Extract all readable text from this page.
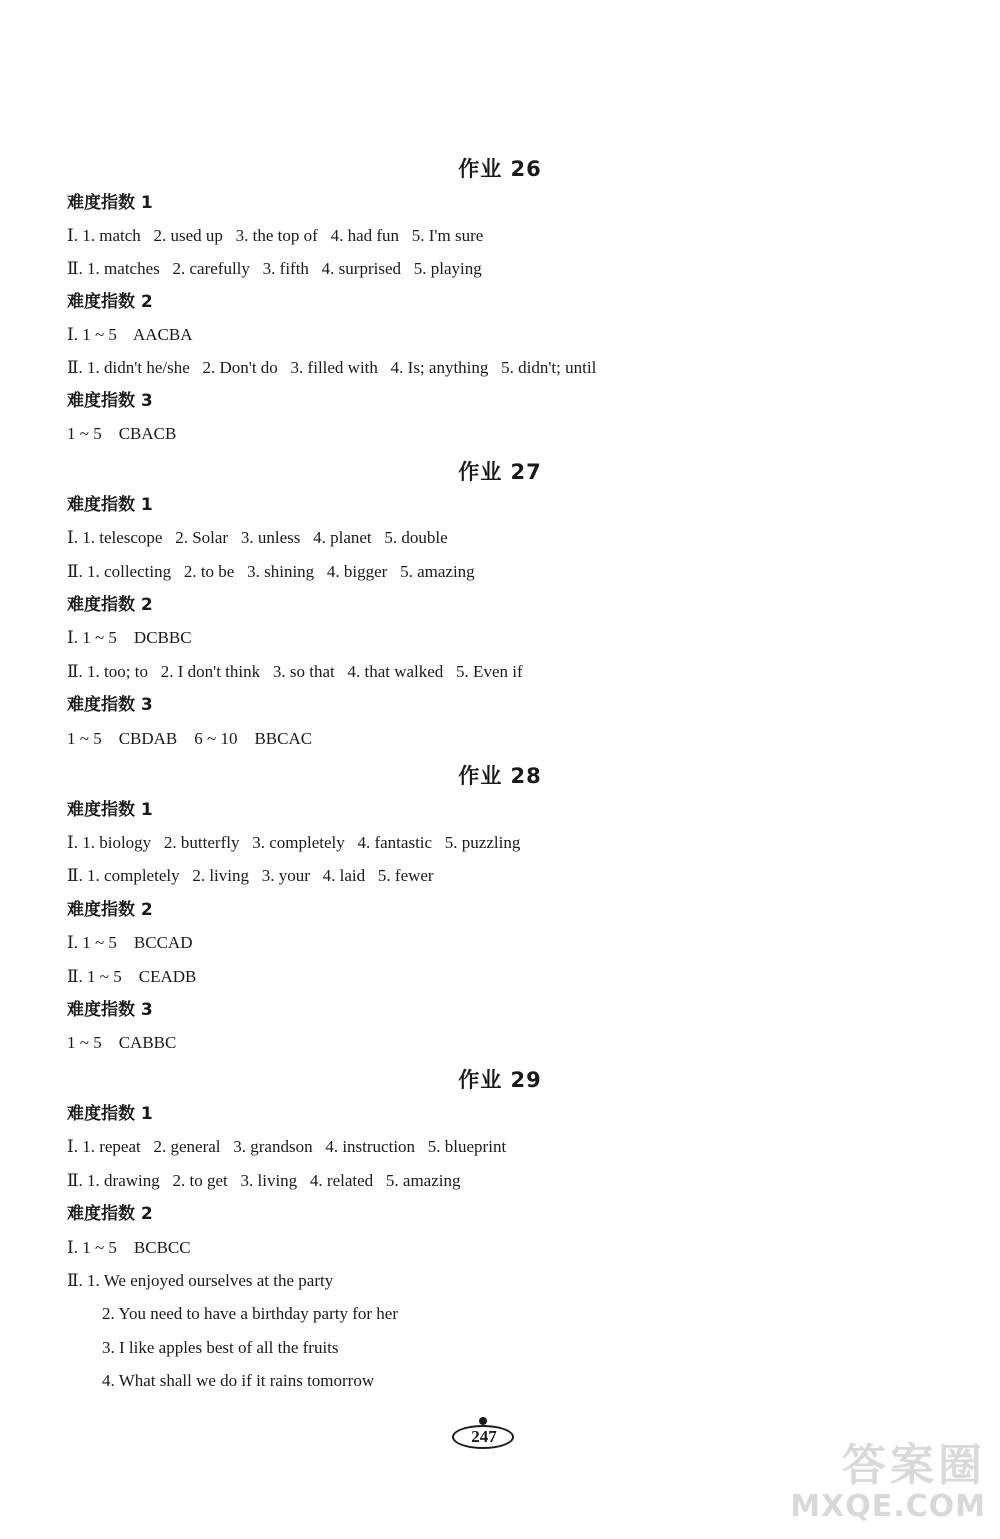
作业 26
难度指数 1
Ⅰ. 1. match   2. used up   3. the top of   4. had fun   5. I'm sure
Ⅱ. 1. matches   2. carefully   3. fifth   4. surprised   5. playing
难度指数 2
Ⅰ. 1 ~ 5    AACBA
Ⅱ. 1. didn't he/she   2. Don't do   3. filled with   4. Is; anything   5. didn't; until
难度指数 3
1 ~ 5    CBACB
作业 27
难度指数 1
Ⅰ. 1. telescope   2. Solar   3. unless   4. planet   5. double
Ⅱ. 1. collecting   2. to be   3. shining   4. bigger   5. amazing
难度指数 2
Ⅰ. 1 ~ 5    DCBBC
Ⅱ. 1. too; to   2. I don't think   3. so that   4. that walked   5. Even if
难度指数 3
1 ~ 5    CBDAB    6 ~ 10    BBCAC
作业 28
难度指数 1
Ⅰ. 1. biology   2. butterfly   3. completely   4. fantastic   5. puzzling
Ⅱ. 1. completely   2. living   3. your   4. laid   5. fewer
难度指数 2
Ⅰ. 1 ~ 5    BCCAD
Ⅱ. 1 ~ 5    CEADB
难度指数 3
1 ~ 5    CABBC
作业 29
难度指数 1
Ⅰ. 1. repeat   2. general   3. grandson   4. instruction   5. blueprint
Ⅱ. 1. drawing   2. to get   3. living   4. related   5. amazing
难度指数 2
Ⅰ. 1 ~ 5    BCBCC
Ⅱ. 1. We enjoyed ourselves at the party
2. You need to have a birthday party for her
3. I like apples best of all the fruits
4. What shall we do if it rains tomorrow
247
答案圈
MXQE.COM
